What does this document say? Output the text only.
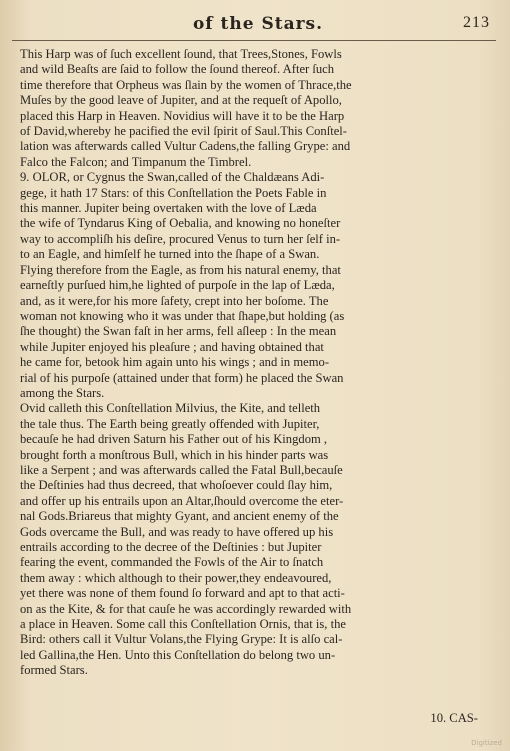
of the Stars.	213
This Harp was of ſuch excellent ſound, that Trees,Stones, Fowls
and wild Beaſts are ſaid to follow the ſound thereof. After ſuch
time therefore that Orpheus was ſlain by the women of Thrace,the
Muſes by the good leave of Jupiter, and at the requeſt of Apollo,
placed this Harp in Heaven. Novidius will have it to be the Harp
of David,whereby he pacified the evil ſpirit of Saul.This Conſtel-
lation was afterwards called Vultur Cadens,the falling Grype: and
Falco the Falcon; and Timpanum the Timbrel.
9. OLOR, or Cygnus the Swan,called of the Chaldæans Adi-
gege, it hath 17 Stars: of this Conſtellation the Poets Fable in
this manner. Jupiter being overtaken with the love of Læda
the wife of Tyndarus King of Oebalia, and knowing no honeſter
way to accompliſh his deſire, procured Venus to turn her ſelf in-
to an Eagle, and himſelf he turned into the ſhape of a Swan.
Flying therefore from the Eagle, as from his natural enemy, that
earneſtly purſued him,he lighted of purpoſe in the lap of Læda,
and, as it were,for his more ſafety, crept into her boſome. The
woman not knowing who it was under that ſhape,but holding (as
ſhe thought) the Swan faſt in her arms, fell aſleep : In the mean
while Jupiter enjoyed his pleaſure ; and having obtained that
he came for, betook him again unto his wings ; and in memo-
rial of his purpoſe (attained under that form) he placed the Swan
among the Stars.
Ovid calleth this Conſtellation Milvius, the Kite, and telleth
the tale thus. The Earth being greatly offended with Jupiter,
becauſe he had driven Saturn his Father out of his Kingdom ,
brought forth a monſtrous Bull, which in his hinder parts was
like a Serpent ; and was afterwards called the Fatal Bull,becauſe
the Deſtinies had thus decreed, that whoſoever could ſlay him,
and offer up his entrails upon an Altar,ſhould overcome the eter-
nal Gods.Briareus that mighty Gyant, and ancient enemy of the
Gods overcame the Bull, and was ready to have offered up his
entrails according to the decree of the Deſtinies : but Jupiter
fearing the event, commanded the Fowls of the Air to ſnatch
them away : which although to their power,they endeavoured,
yet there was none of them found ſo forward and apt to that acti-
on as the Kite, & for that cauſe he was accordingly rewarded with
a place in Heaven. Some call this Conſtellation Ornis, that is, the
Bird: others call it Vultur Volans,the Flying Grype: It is alſo cal-
led Gallina,the Hen. Unto this Conſtellation do belong two un-
formed Stars.
10. CAS-
Digitized
